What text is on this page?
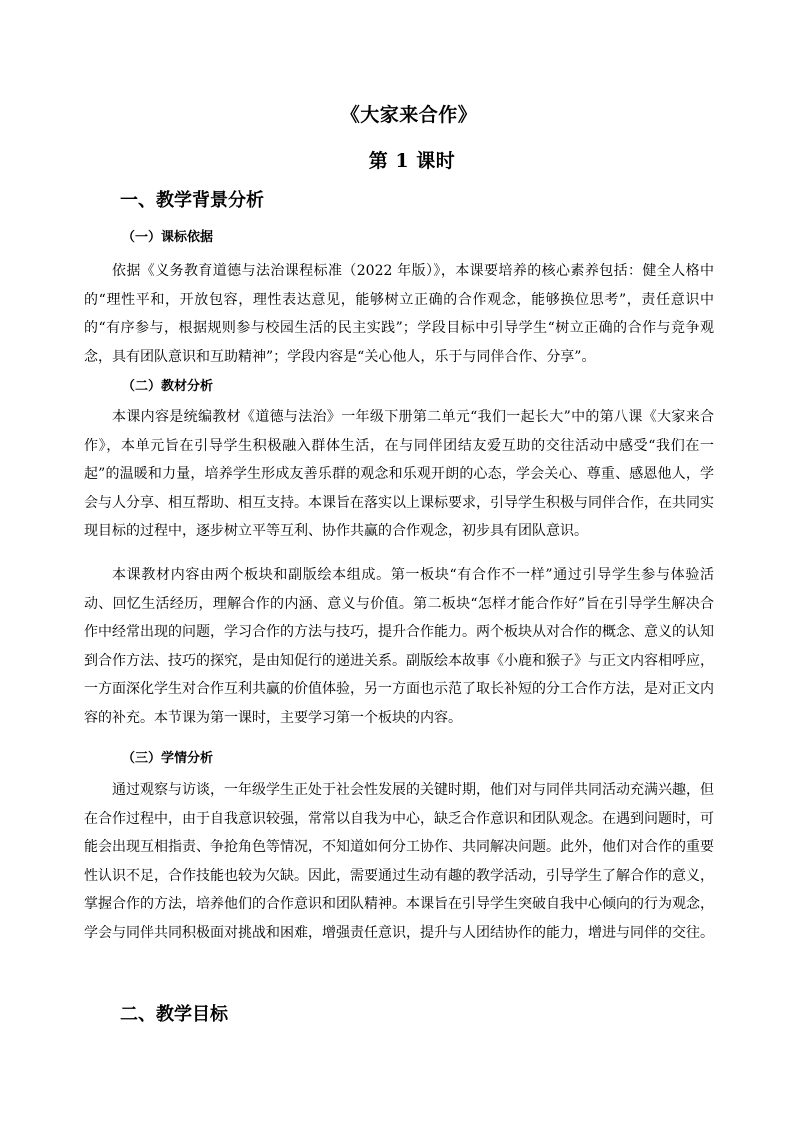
《大家来合作》
第 1 课时
一、教学背景分析
（一）课标依据

依据《义务教育道德与法治课程标准（2022 年版）》，本课要培养的核心素养包括：健全人格中的“理性平和，开放包容，理性表达意见，能够树立正确的合作观念，能够换位思考”，责任意识中的“有序参与，根据规则参与校园生活的民主实践”；学段目标中引导学生“树立正确的合作与竞争观念，具有团队意识和互助精神”；学段内容是“关心他人，乐于与同伴合作、分享”。

（二）教材分析

本课内容是统编教材《道德与法治》一年级下册第二单元“我们一起长大”中的第八课《大家来合作》，本单元旨在引导学生积极融入群体生活，在与同伴团结友爱互助的交往活动中感受“我们在一起”的温暖和力量，培养学生形成友善乐群的观念和乐观开朗的心态，学会关心、尊重、感恩他人，学会与人分享、相互帮助、相互支持。本课旨在落实以上课标要求，引导学生积极与同伴合作，在共同实现目标的过程中，逐步树立平等互利、协作共赢的合作观念，初步具有团队意识。

本课教材内容由两个板块和副版绘本组成。第一板块“有合作不一样”通过引导学生参与体验活动、回忆生活经历，理解合作的内涵、意义与价值。第二板块“怎样才能合作好”旨在引导学生解决合作中经常出现的问题，学习合作的方法与技巧，提升合作能力。两个板块从对合作的概念、意义的认知到合作方法、技巧的探究，是由知促行的递进关系。副版绘本故事《小鹿和猴子》与正文内容相呼应，一方面深化学生对合作互利共赢的价值体验，另一方面也示范了取长补短的分工合作方法，是对正文内容的补充。本节课为第一课时，主要学习第一个板块的内容。

（三）学情分析

通过观察与访谈，一年级学生正处于社会性发展的关键时期，他们对与同伴共同活动充满兴趣，但在合作过程中，由于自我意识较强，常常以自我为中心，缺乏合作意识和团队观念。在遇到问题时，可能会出现互相指责、争抢角色等情况，不知道如何分工协作、共同解决问题。此外，他们对合作的重要性认识不足，合作技能也较为欠缺。因此，需要通过生动有趣的教学活动，引导学生了解合作的意义，掌握合作的方法，培养他们的合作意识和团队精神。本课旨在引导学生突破自我中心倾向的行为观念，学会与同伴共同积极面对挑战和困难，增强责任意识，提升与人团结协作的能力，增进与同伴的交往。

二、教学目标
